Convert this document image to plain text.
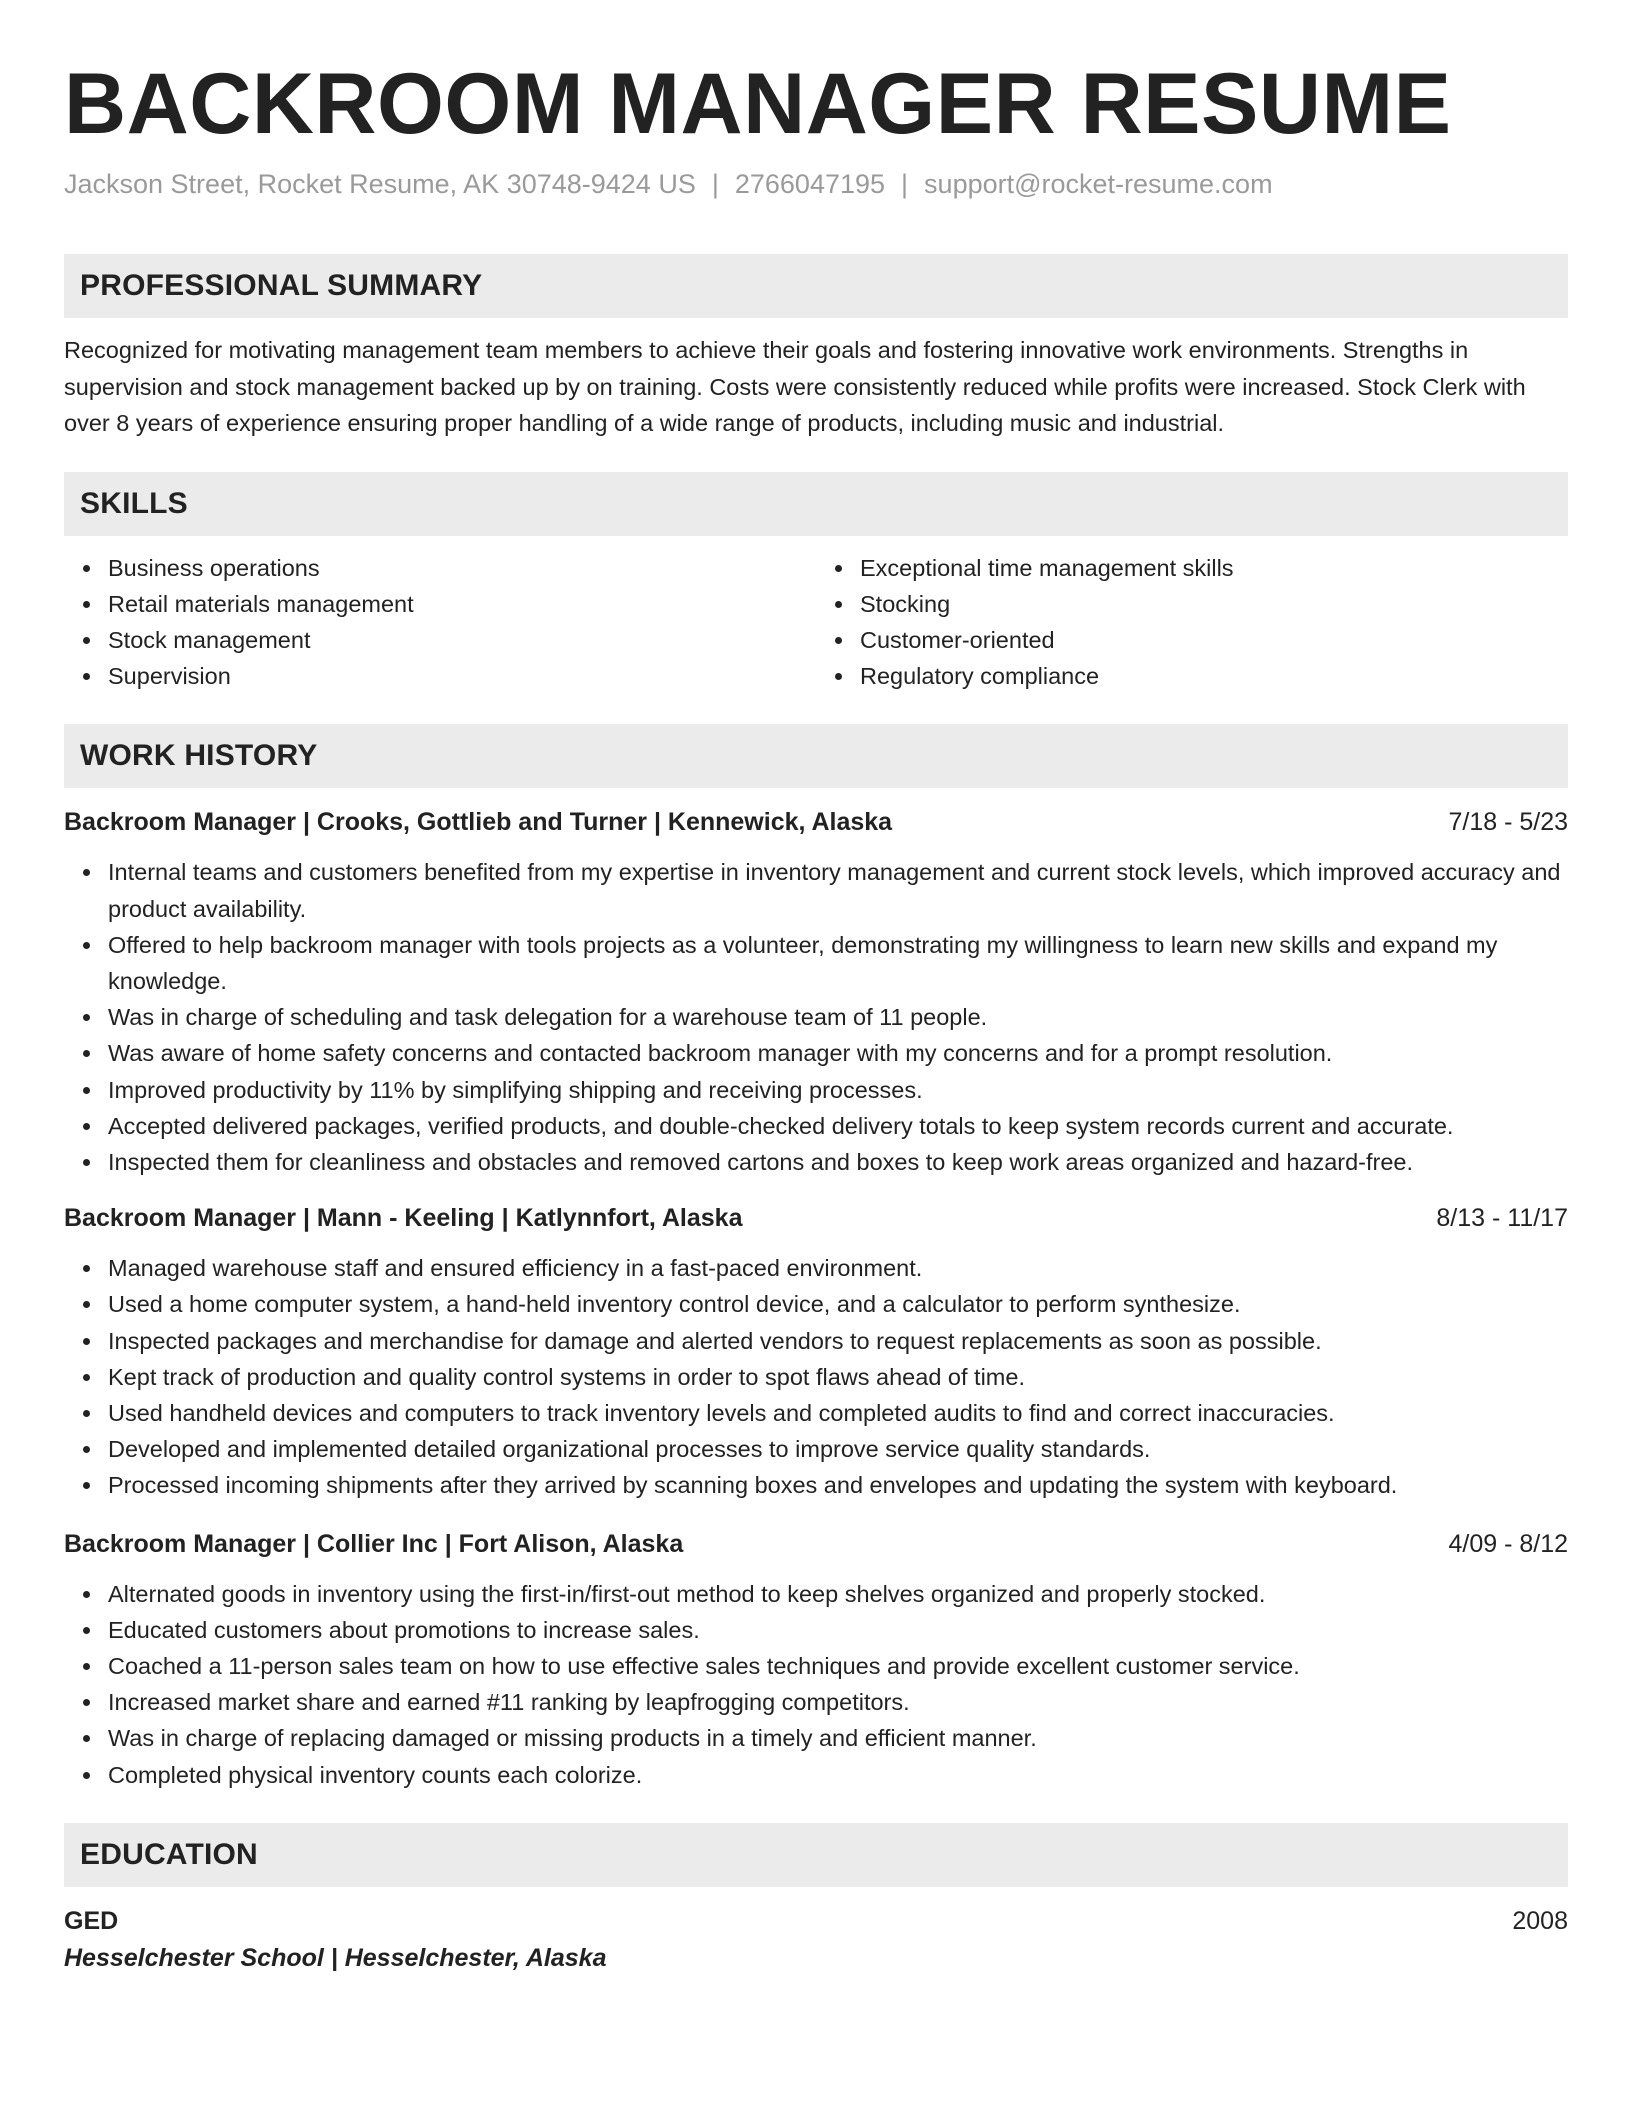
BACKROOM MANAGER RESUME
Jackson Street, Rocket Resume, AK 30748-9424 US | 2766047195 | support@rocket-resume.com
PROFESSIONAL SUMMARY
Recognized for motivating management team members to achieve their goals and fostering innovative work environments. Strengths in supervision and stock management backed up by on training. Costs were consistently reduced while profits were increased. Stock Clerk with over 8 years of experience ensuring proper handling of a wide range of products, including music and industrial.
SKILLS
Business operations
Retail materials management
Stock management
Supervision
Exceptional time management skills
Stocking
Customer-oriented
Regulatory compliance
WORK HISTORY
Backroom Manager | Crooks, Gottlieb and Turner | Kennewick, Alaska	7/18 - 5/23
Internal teams and customers benefited from my expertise in inventory management and current stock levels, which improved accuracy and product availability.
Offered to help backroom manager with tools projects as a volunteer, demonstrating my willingness to learn new skills and expand my knowledge.
Was in charge of scheduling and task delegation for a warehouse team of 11 people.
Was aware of home safety concerns and contacted backroom manager with my concerns and for a prompt resolution.
Improved productivity by 11% by simplifying shipping and receiving processes.
Accepted delivered packages, verified products, and double-checked delivery totals to keep system records current and accurate.
Inspected them for cleanliness and obstacles and removed cartons and boxes to keep work areas organized and hazard-free.
Backroom Manager | Mann - Keeling | Katlynnfort, Alaska	8/13 - 11/17
Managed warehouse staff and ensured efficiency in a fast-paced environment.
Used a home computer system, a hand-held inventory control device, and a calculator to perform synthesize.
Inspected packages and merchandise for damage and alerted vendors to request replacements as soon as possible.
Kept track of production and quality control systems in order to spot flaws ahead of time.
Used handheld devices and computers to track inventory levels and completed audits to find and correct inaccuracies.
Developed and implemented detailed organizational processes to improve service quality standards.
Processed incoming shipments after they arrived by scanning boxes and envelopes and updating the system with keyboard.
Backroom Manager | Collier Inc | Fort Alison, Alaska	4/09 - 8/12
Alternated goods in inventory using the first-in/first-out method to keep shelves organized and properly stocked.
Educated customers about promotions to increase sales.
Coached a 11-person sales team on how to use effective sales techniques and provide excellent customer service.
Increased market share and earned #11 ranking by leapfrogging competitors.
Was in charge of replacing damaged or missing products in a timely and efficient manner.
Completed physical inventory counts each colorize.
EDUCATION
GED	2008
Hesselchester School | Hesselchester, Alaska
